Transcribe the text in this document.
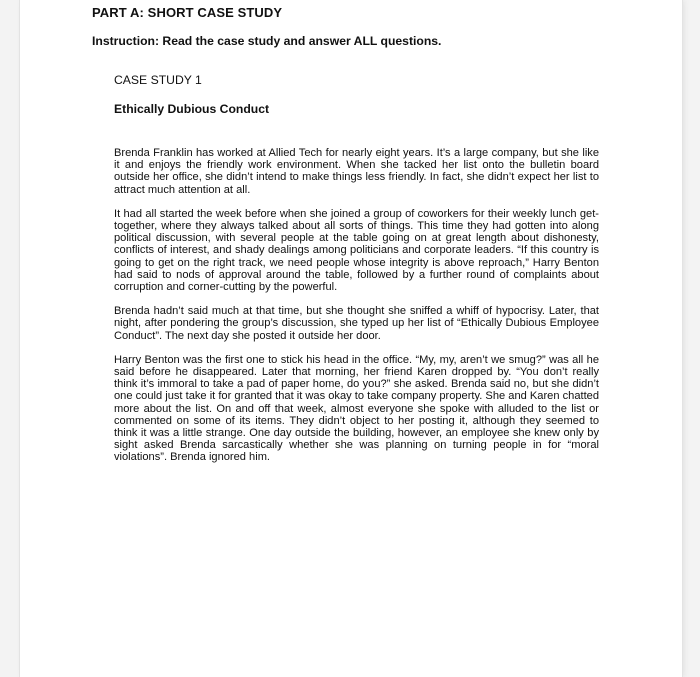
PART A: SHORT CASE STUDY

Instruction: Read the case study and answer ALL questions.

CASE STUDY 1

Ethically Dubious Conduct

Brenda Franklin has worked at Allied Tech for nearly eight years. It’s a large company, but she like it and enjoys the friendly work environment. When she tacked her list onto the bulletin board outside her office, she didn’t intend to make things less friendly. In fact, she didn’t expect her list to attract much attention at all.

It had all started the week before when she joined a group of coworkers for their weekly lunch get-together, where they always talked about all sorts of things. This time they had gotten into along political discussion, with several people at the table going on at great length about dishonesty, conflicts of interest, and shady dealings among politicians and corporate leaders. “If this country is going to get on the right track, we need people whose integrity is above reproach,” Harry Benton had said to nods of approval around the table, followed by a further round of complaints about corruption and corner-cutting by the powerful.

Brenda hadn’t said much at that time, but she thought she sniffed a whiff of hypocrisy. Later, that night, after pondering the group’s discussion, she typed up her list of “Ethically Dubious Employee Conduct”. The next day she posted it outside her door.

Harry Benton was the first one to stick his head in the office. “My, my, aren’t we smug?” was all he said before he disappeared. Later that morning, her friend Karen dropped by. “You don’t really think it’s immoral to take a pad of paper home, do you?” she asked. Brenda said no, but she didn’t one could just take it for granted that it was okay to take company property. She and Karen chatted more about the list. On and off that week, almost everyone she spoke with alluded to the list or commented on some of its items. They didn’t object to her posting it, although they seemed to think it was a little strange. One day outside the building, however, an employee she knew only by sight asked Brenda sarcastically whether she was planning on turning people in for “moral violations”. Brenda ignored him.
